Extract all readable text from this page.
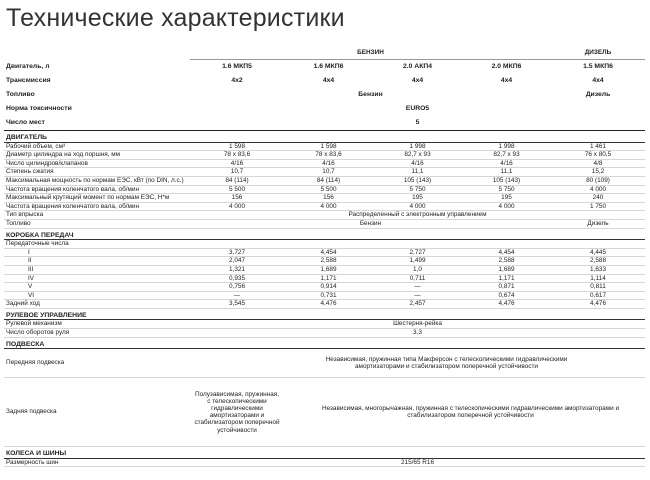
Технические характеристики
	БЕНЗИН				ДИЗЕЛЬ
Двигатель, л	1.6 МКП5	1.6 МКП6	2.0 АКП4	2.0 МКП6	1.5 МКП6
Трансмиссия	4x2	4x4	4x4	4x4	4x4
Топливо	Бензин				Дизель
Норма токсичности	EURO5				
Число мест	5				
ДВИГАТЕЛЬ					
Рабочий объем, см³	1 598	1 598	1 998	1 998	1 461
Диаметр цилиндра на ход поршня, мм	78 x 83,6	78 x 83,6	82,7 x 93	82,7 x 93	76 x 80,5
Число цилиндров/клапанов	4/16	4/16	4/16	4/16	4/8
Степень сжатия	10,7	10,7	11,1	11,1	15,2
Максимальная мощность по нормам ЕЭС, кВт (по DIN, л.с.)	84 (114)	84 (114)	105 (143)	105 (143)	80 (109)
Частота вращения коленчатого вала, об/мин	5 500	5 500	5 750	5 750	4 000
Максимальный крутящий момент по нормам ЕЭС, Н*м	156	156	195	195	240
Частота вращения коленчатого вала, об/мин	4 000	4 000	4 000	4 000	1 750
Тип впрыска	Распределенный с электронным управлением				
Топливо	Бензин				Дизель
КОРОБКА ПЕРЕДАЧ					
Передаточные числа					
I	3,727	4,454	2,727	4,454	4,445
II	2,047	2,588	1,499	2,588	2,588
III	1,321	1,689	1,0	1,689	1,633
IV	0,935	1,171	0,711	1,171	1,114
V	0,756	0,914	—	0,871	0,811
VI	—	0,731	—	0,674	0,617
Задний ход	3,545	4,476	2,457	4,476	4,476
РУЛЕВОЕ УПРАВЛЕНИЕ					
Рулевой механизм	Шестерня-рейка				
Число оборотов руля	3,3				
ПОДВЕСКА					
Передняя подвеска	Независимая, пружинная типа Макферсон с телескопическими гидравлическими амортизаторами и стабилизатором поперечной устойчивости				
Задняя подвеска	Полузависимая, пружинная, с телескопическими гидравлическими амортизаторами и стабилизатором поперечной устойчивости	Независимая, многорычажная, пружинная с телескопическими гидравлическими амортизаторами и стабилизатором поперечной устойчивости			
КОЛЕСА И ШИНЫ					
Размерность шин	215/65 R16				
